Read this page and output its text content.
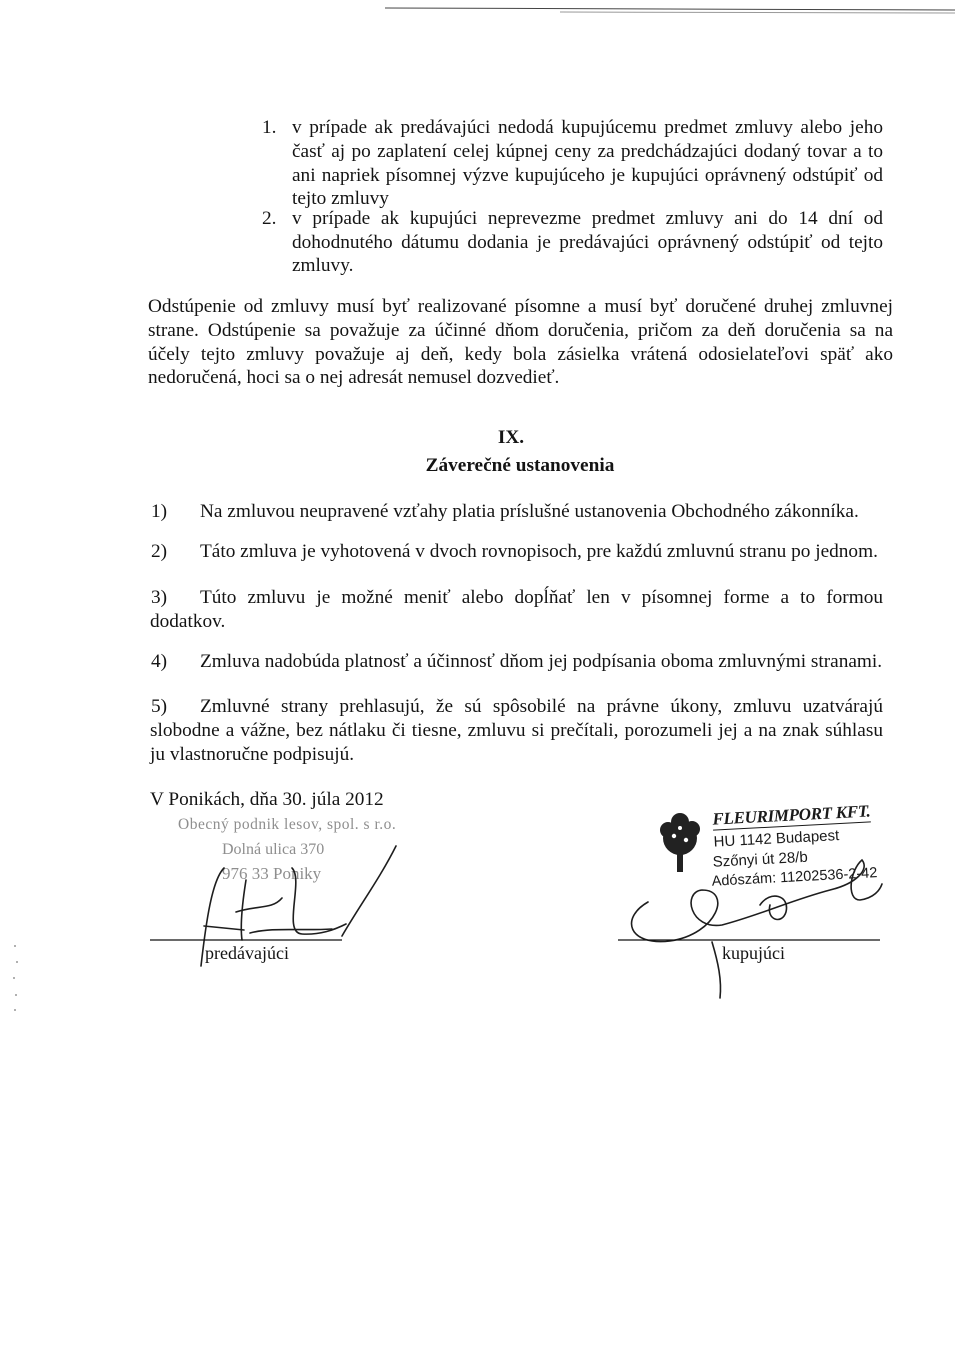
1. v prípade ak predávajúci nedodá kupujúcemu predmet zmluvy alebo jeho
časť aj po zaplatení celej kúpnej ceny za predchádzajúci dodaný tovar a to
ani napriek písomnej výzve kupujúceho je kupujúci oprávnený odstúpiť od
tejto zmluvy
2. v prípade ak kupujúci neprevezme predmet zmluvy ani do 14 dní od
dohodnutého dátumu dodania je predávajúci oprávnený odstúpiť od tejto
zmluvy.
Odstúpenie od zmluvy musí byť realizované písomne a musí byť doručené druhej zmluvnej
strane. Odstúpenie sa považuje za účinné dňom doručenia, pričom za deň doručenia sa na
účely tejto zmluvy považuje aj deň, kedy bola zásielka vrátená odosielateľovi späť ako
nedoručená, hoci sa o nej adresát nemusel dozvedieť.
IX.
Záverečné ustanovenia
1) Na zmluvou neupravené vzťahy platia príslušné ustanovenia Obchodného zákonníka.
2) Táto zmluva je vyhotovená v dvoch rovnopisoch, pre každú zmluvnú stranu po jednom.
3) Túto zmluvu je možné meniť alebo dopĺňať len v písomnej forme a to formou
dodatkov.
4) Zmluva nadobúda platnosť a účinnosť dňom jej podpísania oboma zmluvnými stranami.
5) Zmluvné strany prehlasujú, že sú spôsobilé na právne úkony, zmluvu uzatvárajú
slobodne a vážne, bez nátlaku či tiesne, zmluvu si prečítali, porozumeli jej a na znak súhlasu
ju vlastnoručne podpisujú.
V Ponikách, dňa 30. júla 2012
Obecný podnik lesov, spol. s r.o.
Dolná ulica 370
976 33 Poniky
predávajúci
FLEURIMPORT KFT.
HU 1142 Budapest
Szőnyi út 28/b
Adószám: 11202536-2-42
kupujúci
